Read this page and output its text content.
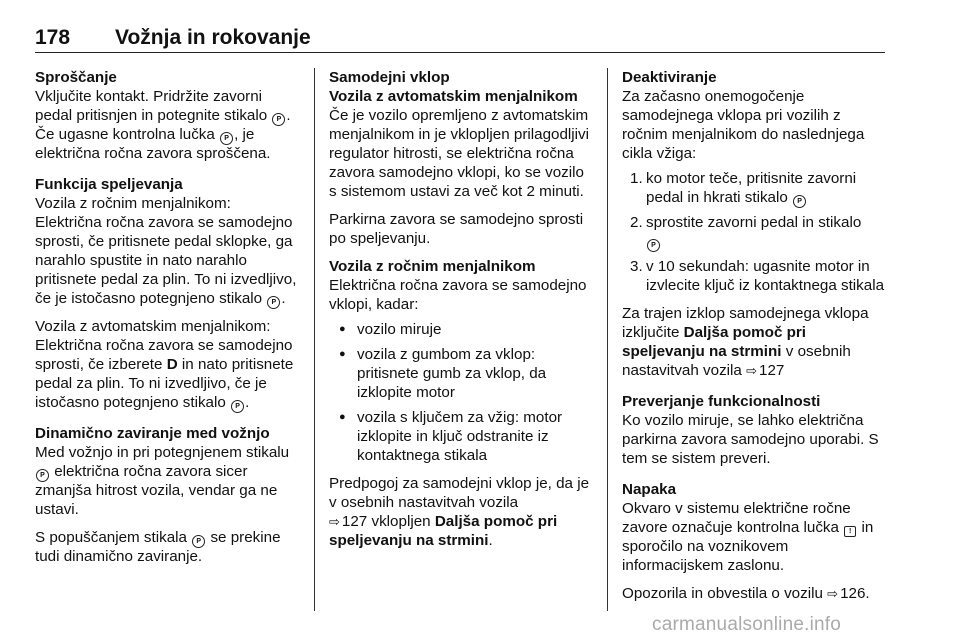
178 Vožnja in rokovanje
Sproščanje

Vključite kontakt. Pridržite zavorni pedal pritisnjen in potegnite stikalo P . Če ugasne kontrolna lučka P , je električna ročna zavora sproščena.

Funkcija speljevanja

Vozila z ročnim menjalnikom: Električna ročna zavora se samodejno sprosti, če pritisnete pedal sklopke, ga narahlo spustite in nato narahlo pritisnete pedal za plin. To ni izvedljivo, če je istočasno potegnjeno stikalo P .

Vozila z avtomatskim menjalnikom: Električna ročna zavora se samodejno sprosti, če izberete D in nato pritisnete pedal za plin. To ni izvedljivo, če je istočasno potegnjeno stikalo P .

Dinamično zaviranje med vožnjo

Med vožnjo in pri potegnjenem stikalu P električna ročna zavora sicer zmanjša hitrost vozila, vendar ga ne ustavi.

S popuščanjem stikala P se prekine tudi dinamično zaviranje.

Samodejni vklop
Vozila z avtomatskim menjalnikom

Če je vozilo opremljeno z avtomatskim menjalnikom in je vklopljen prilagodljivi regulator hitrosti, se električna ročna zavora samodejno vklopi, ko se vozilo s sistemom ustavi za več kot 2 minuti.

Parkirna zavora se samodejno sprosti po speljevanju.

Vozila z ročnim menjalnikom

Električna ročna zavora se samodejno vklopi, kadar:

● vozilo miruje
● vozila z gumbom za vklop: pritisnete gumb za vklop, da izklopite motor
● vozila s ključem za vžig: motor izklopite in ključ odstranite iz kontaktnega stikala

Predpogoj za samodejni vklop je, da je v osebnih nastavitvah vozila
⇨ 127 vklopljen Daljša pomoč pri speljevanju na strmini.

Deaktiviranje

Za začasno onemogočenje samodejnega vklopa pri vozilih z ročnim menjalnikom do naslednjega cikla vžiga:

1. ko motor teče, pritisnite zavorni pedal in hkrati stikalo P
2. sprostite zavorni pedal in stikalo
P
3. v 10 sekundah: ugasnite motor in izvlecite ključ iz kontaktnega stikala

Za trajen izklop samodejnega vklopa izključite Daljša pomoč pri speljevanju na strmini v osebnih nastavitvah vozila ⇨ 127

Preverjanje funkcionalnosti

Ko vozilo miruje, se lahko električna parkirna zavora samodejno uporabi. S tem se sistem preveri.

Napaka

Okvaro v sistemu električne ročne zavore označuje kontrolna lučka ! in sporočilo na voznikovem informacijskem zaslonu.

Opozorila in obvestila o vozilu ⇨ 126.

carmanualsonline.info
